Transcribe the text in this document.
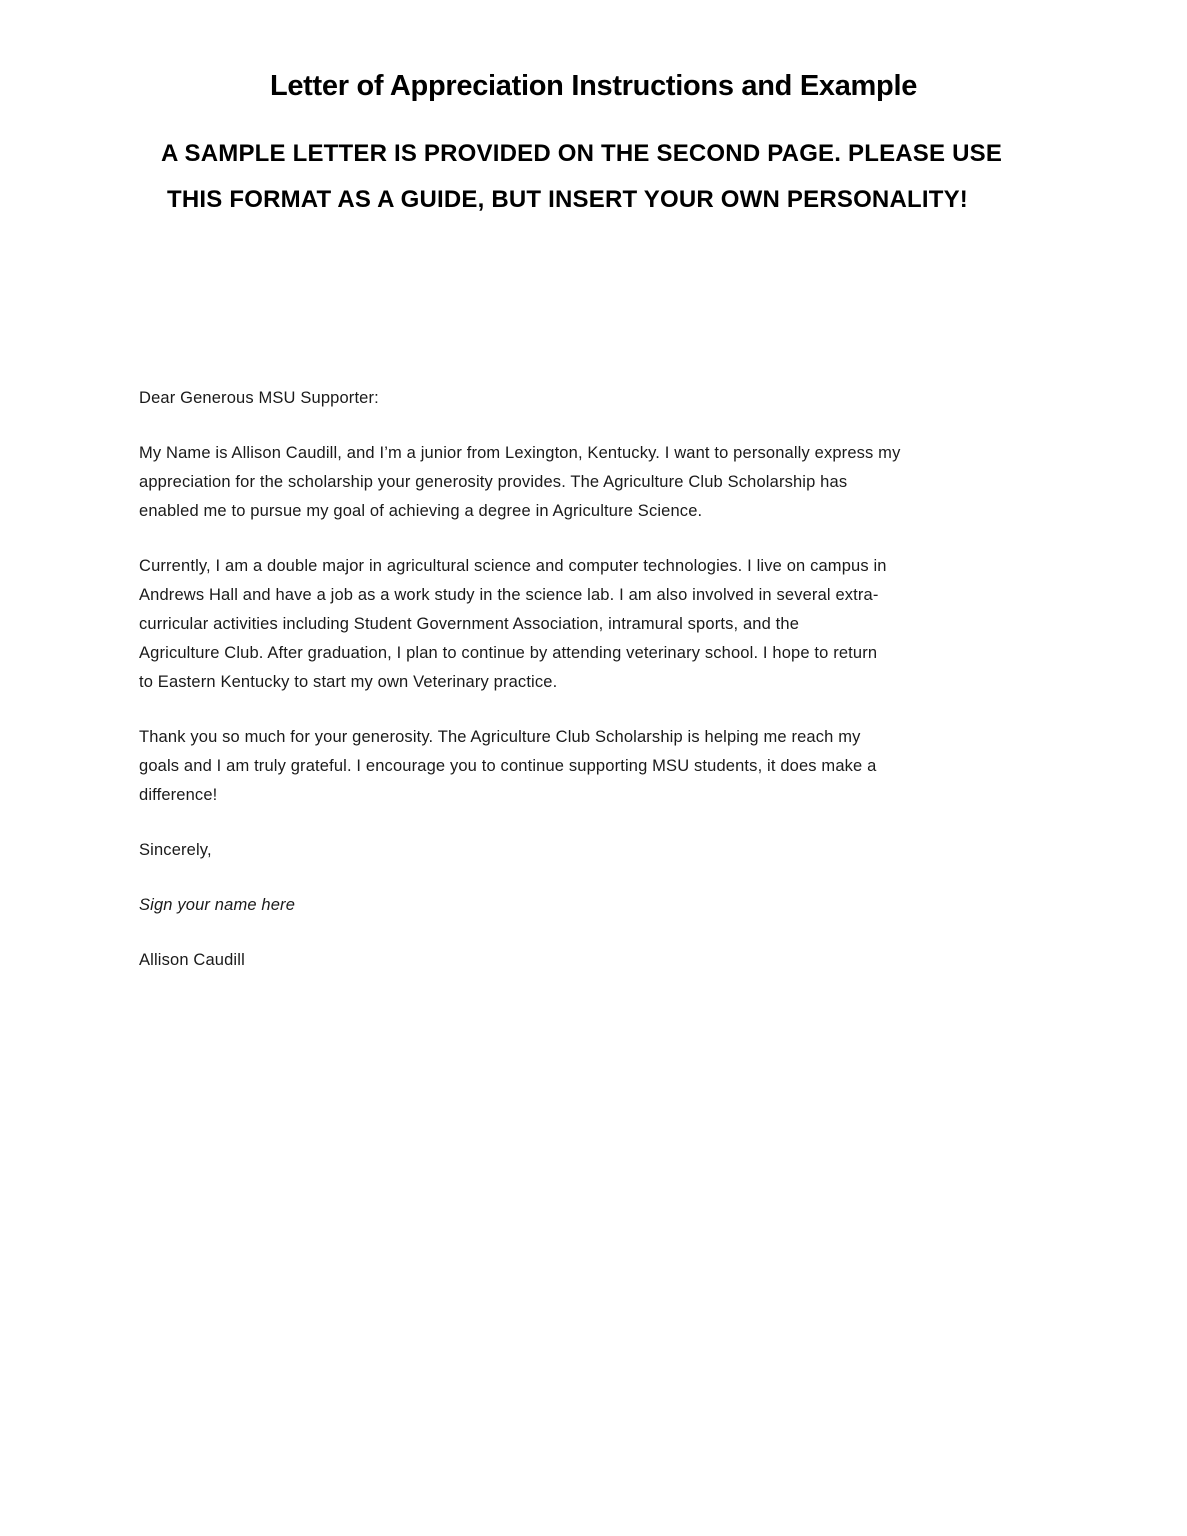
Letter of Appreciation Instructions and Example
A SAMPLE LETTER IS PROVIDED ON THE SECOND PAGE. PLEASE USE
THIS FORMAT AS A GUIDE, BUT INSERT YOUR OWN PERSONALITY!

Dear Generous MSU Supporter:

My Name is Allison Caudill, and I’m a junior from Lexington, Kentucky. I want to personally express my
appreciation for the scholarship your generosity provides. The Agriculture Club Scholarship has
enabled me to pursue my goal of achieving a degree in Agriculture Science.

Currently, I am a double major in agricultural science and computer technologies. I live on campus in
Andrews Hall and have a job as a work study in the science lab. I am also involved in several extra-
curricular activities including Student Government Association, intramural sports, and the
Agriculture Club. After graduation, I plan to continue by attending veterinary school. I hope to return
to Eastern Kentucky to start my own Veterinary practice.

Thank you so much for your generosity. The Agriculture Club Scholarship is helping me reach my
goals and I am truly grateful. I encourage you to continue supporting MSU students, it does make a
difference!

Sincerely,

Sign your name here

Allison Caudill
